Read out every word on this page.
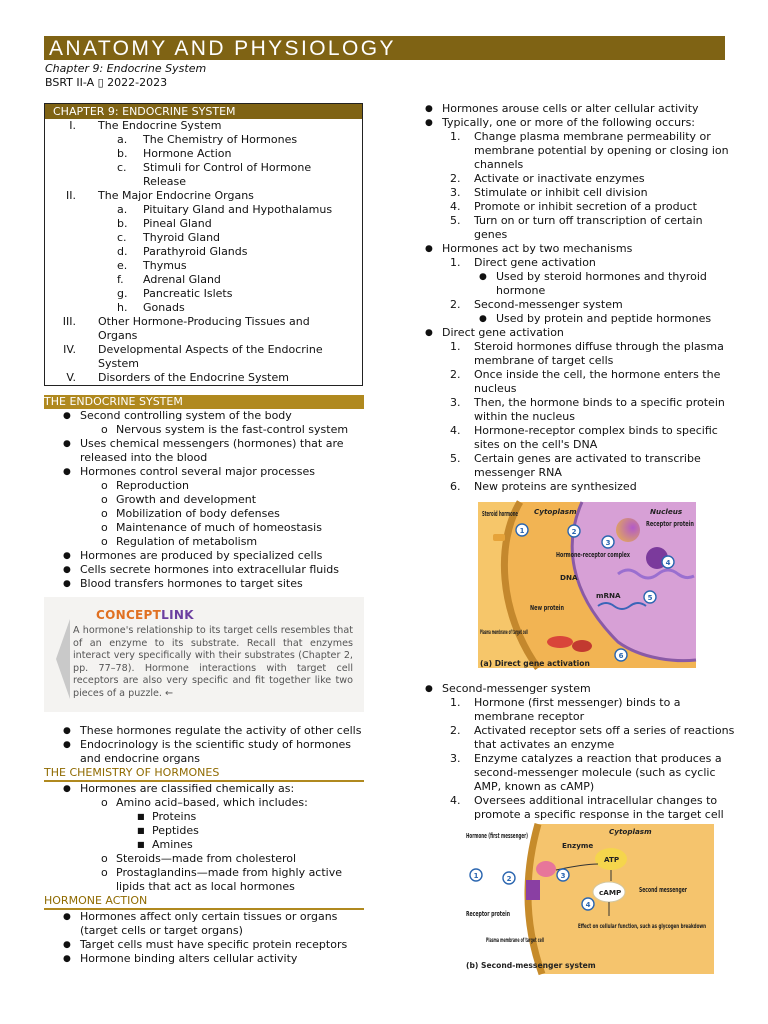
ANATOMY AND PHYSIOLOGY
Chapter 9: Endocrine System
BSRT II-A ▯ 2022-2023
CHAPTER 9: ENDOCRINE SYSTEM
I. The Endocrine System
a.	The Chemistry of Hormones
b.	Hormone Action
c.	Stimuli for Control of Hormone Release
II. The Major Endocrine Organs
a.	Pituitary Gland and Hypothalamus
b.	Pineal Gland
c.	Thyroid Gland
d.	Parathyroid Glands
e.	Thymus
f.	Adrenal Gland
g.	Pancreatic Islets
h.	Gonads
III. Other Hormone-Producing Tissues and Organs
IV. Developmental Aspects of the Endocrine System
V. Disorders of the Endocrine System
THE ENDOCRINE SYSTEM
● Second controlling system of the body
o Nervous system is the fast-control system
● Uses chemical messengers (hormones) that are released into the blood
● Hormones control several major processes
o Reproduction
o Growth and development
o Mobilization of body defenses
o Maintenance of much of homeostasis
o Regulation of metabolism
● Hormones are produced by specialized cells
● Cells secrete hormones into extracellular fluids
● Blood transfers hormones to target sites
CONCEPTLINK
A hormone's relationship to its target cells resembles that of an enzyme to its substrate. Recall that enzymes interact very specifically with their substrates (Chapter 2, pp. 77–78). Hormone interactions with target cell receptors are also very specific and fit together like two pieces of a puzzle. ←
● These hormones regulate the activity of other cells
● Endocrinology is the scientific study of hormones and endocrine organs
THE CHEMISTRY OF HORMONES
● Hormones are classified chemically as:
o Amino acid–based, which includes:
■ Proteins
■ Peptides
■ Amines
o Steroids—made from cholesterol
o Prostaglandins—made from highly active lipids that act as local hormones
HORMONE ACTION
● Hormones affect only certain tissues or organs (target cells or target organs)
● Target cells must have specific protein receptors
● Hormone binding alters cellular activity
● Hormones arouse cells or alter cellular activity
● Typically, one or more of the following occurs:
1. Change plasma membrane permeability or membrane potential by opening or closing ion channels
2. Activate or inactivate enzymes
3. Stimulate or inhibit cell division
4. Promote or inhibit secretion of a product
5. Turn on or turn off transcription of certain genes
● Hormones act by two mechanisms
1. Direct gene activation
● Used by steroid hormones and thyroid hormone
2. Second-messenger system
● Used by protein and peptide hormones
● Direct gene activation
1. Steroid hormones diffuse through the plasma membrane of target cells
2. Once inside the cell, the hormone enters the nucleus
3. Then, the hormone binds to a specific protein within the nucleus
4. Hormone-receptor complex binds to specific sites on the cell's DNA
5. Certain genes are activated to transcribe messenger RNA
6. New proteins are synthesized
1	2
3
4
5
6
Steroid hormone Cytoplasm	Nucleus
Receptor protein
Hormone-receptor complex
DNA
mRNA
New protein
Plasma membrane of target cell
(a) Direct gene activation
● Second-messenger system
1. Hormone (first messenger) binds to a membrane receptor
2. Activated receptor sets off a series of reactions that activates an enzyme
3. Enzyme catalyzes a reaction that produces a second-messenger molecule (such as cyclic AMP, known as cAMP)
4. Oversees additional intracellular changes to promote a specific response in the target cell
1	2	3
4
Hormone (first messenger)	Cytoplasm
Enzyme
ATP
cAMP Second messenger
Receptor protein
Plasma membrane of target cell
Effect on cellular function, such as glycogen breakdown
(b) Second-messenger system
